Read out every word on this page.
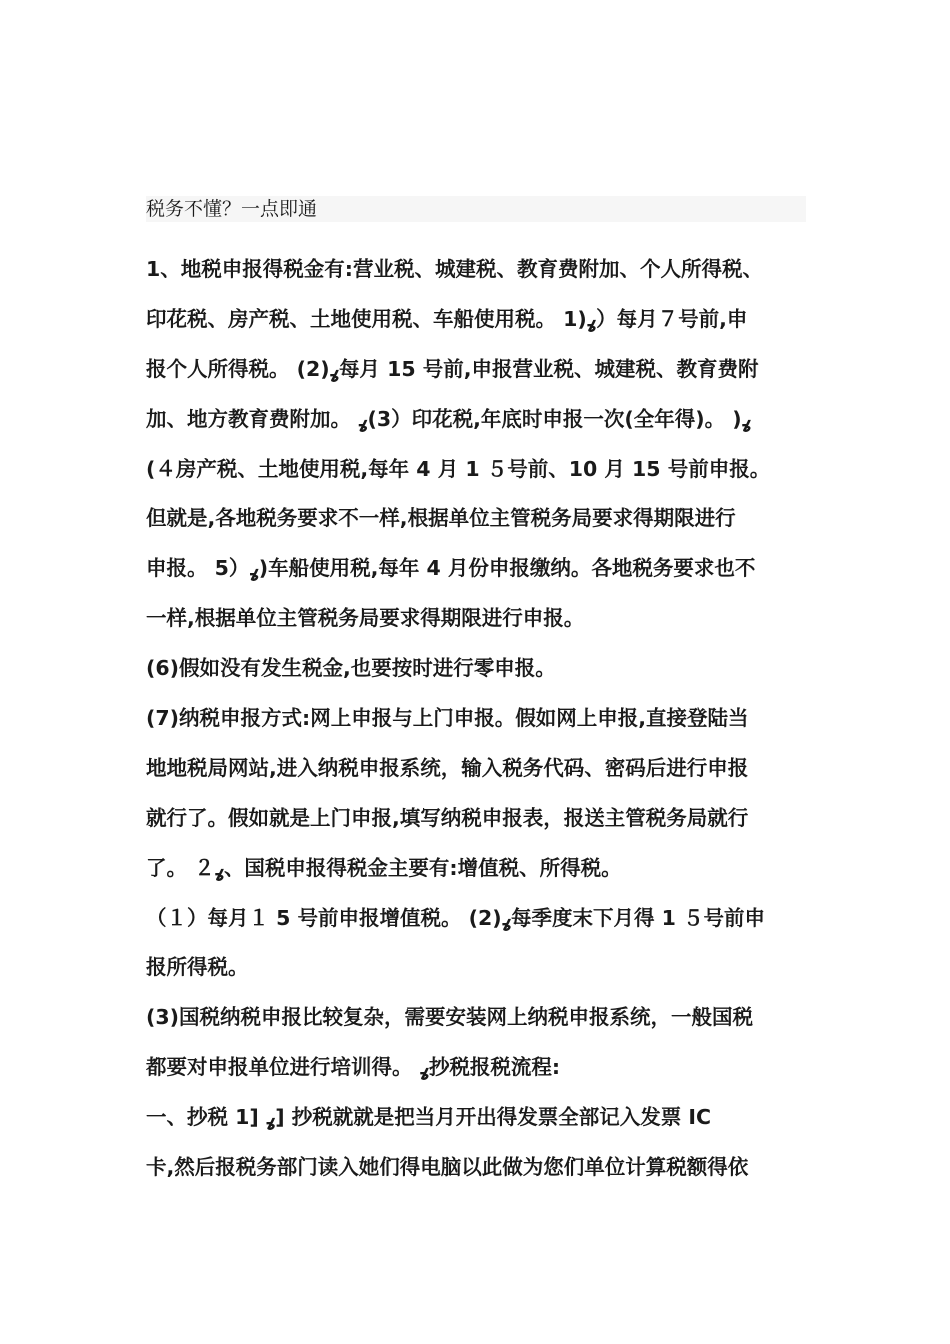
税务不懂？一点即通
1、地税申报得税金有:营业税、城建税、教育费附加、个人所得税、
印花税、房产税、土地使用税、车船使用税。 1)ߩ）每月７号前,申
报个人所得税。 (2)ߩ每月 15 号前,申报营业税、城建税、教育费附
加、地方教育费附加。 ߩ(3）印花税,年底时申报一次(全年得)。 )ߩ
(４房产税、土地使用税,每年 4 月 1 ５号前、10 月 15 号前申报。
但就是,各地税务要求不一样,根据单位主管税务局要求得期限进行
申报。 5）ߩ)车船使用税,每年 4 月份申报缴纳。各地税务要求也不
一样,根据单位主管税务局要求得期限进行申报。
(6)假如没有发生税金,也要按时进行零申报。
(7)纳税申报方式:网上申报与上门申报。假如网上申报,直接登陆当
地地税局网站,进入纳税申报系统，输入税务代码、密码后进行申报
就行了。假如就是上门申报,填写纳税申报表，报送主管税务局就行
了。 ２ߩ、国税申报得税金主要有:增值税、所得税。
（１）每月１ 5 号前申报增值税。 (2)ߩ每季度末下月得 1 ５号前申
报所得税。
(3)国税纳税申报比较复杂，需要安装网上纳税申报系统，一般国税
都要对申报单位进行培训得。 ߩ抄税报税流程:
一、抄税 1] ߩ] 抄税就就是把当月开出得发票全部记入发票 IC
卡,然后报税务部门读入她们得电脑以此做为您们单位计算税额得依
